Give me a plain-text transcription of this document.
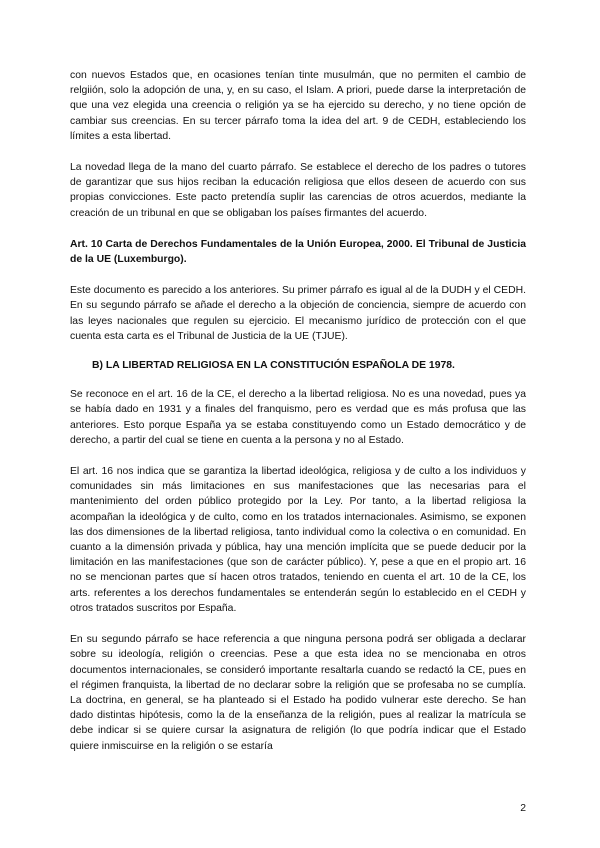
con nuevos Estados que, en ocasiones tenían tinte musulmán, que no permiten el cambio de relgiión, solo la adopción de una, y, en su caso, el Islam. A priori, puede darse la interpretación de que una vez elegida una creencia o religión ya se ha ejercido su derecho, y no tiene opción de cambiar sus creencias. En su tercer párrafo toma la idea del art. 9 de CEDH, estableciendo los límites a esta libertad.

La novedad llega de la mano del cuarto párrafo. Se establece el derecho de los padres o tutores de garantizar que sus hijos reciban la educación religiosa que ellos deseen de acuerdo con sus propias convicciones. Este pacto pretendía suplir las carencias de otros acuerdos, mediante la creación de un tribunal en que se obligaban los países firmantes del acuerdo.

Art. 10 Carta de Derechos Fundamentales de la Unión Europea, 2000. El Tribunal de Justicia de la UE (Luxemburgo).

Este documento es parecido a los anteriores. Su primer párrafo es igual al de la DUDH y el CEDH. En su segundo párrafo se añade el derecho a la objeción de conciencia, siempre de acuerdo con las leyes nacionales que regulen su ejercicio. El mecanismo jurídico de protección con el que cuenta esta carta es el Tribunal de Justicia de la UE (TJUE).

B) LA LIBERTAD RELIGIOSA EN LA CONSTITUCIÓN ESPAÑOLA DE 1978.

Se reconoce en el art. 16 de la CE, el derecho a la libertad religiosa. No es una novedad, pues ya se había dado en 1931 y a finales del franquismo, pero es verdad que es más profusa que las anteriores. Esto porque España ya se estaba constituyendo como un Estado democrático y de derecho, a partir del cual se tiene en cuenta a la persona y no al Estado.

El art. 16 nos indica que se garantiza la libertad ideológica, religiosa y de culto a los individuos y comunidades sin más limitaciones en sus manifestaciones que las necesarias para el mantenimiento del orden público protegido por la Ley. Por tanto, a la libertad religiosa la acompañan la ideológica y de culto, como en los tratados internacionales. Asimismo, se exponen las dos dimensiones de la libertad religiosa, tanto individual como la colectiva o en comunidad. En cuanto a la dimensión privada y pública, hay una mención implícita que se puede deducir por la limitación en las manifestaciones (que son de carácter público). Y, pese a que en el propio art. 16 no se mencionan partes que sí hacen otros tratados, teniendo en cuenta el art. 10 de la CE, los arts. referentes a los derechos fundamentales se entenderán según lo establecido en el CEDH y otros tratados suscritos por España.

En su segundo párrafo se hace referencia a que ninguna persona podrá ser obligada a declarar sobre su ideología, religión o creencias. Pese a que esta idea no se mencionaba en otros documentos internacionales, se consideró importante resaltarla cuando se redactó la CE, pues en el régimen franquista, la libertad de no declarar sobre la religión que se profesaba no se cumplía. La doctrina, en general, se ha planteado si el Estado ha podido vulnerar este derecho. Se han dado distintas hipótesis, como la de la enseñanza de la religión, pues al realizar la matrícula se debe indicar si se quiere cursar la asignatura de religión (lo que podría indicar que el Estado quiere inmiscuirse en la religión o se estaría

2
